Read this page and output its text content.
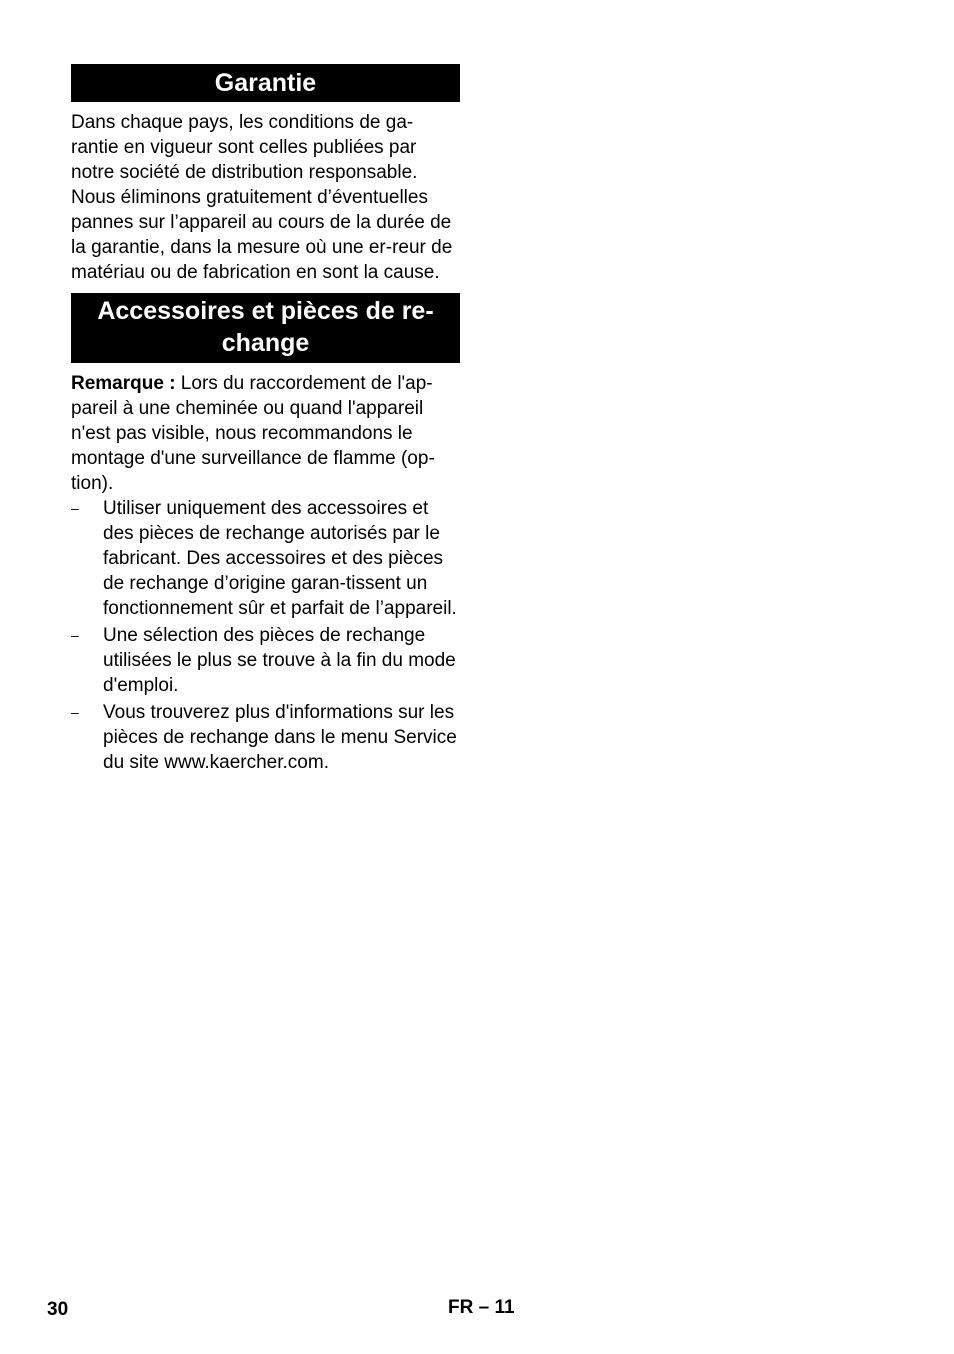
Garantie

Dans chaque pays, les conditions de ga-rantie en vigueur sont celles publiées par notre société de distribution responsable. Nous éliminons gratuitement d’éventuelles pannes sur l’appareil au cours de la durée de la garantie, dans la mesure où une er-reur de matériau ou de fabrication en sont la cause.

Accessoires et pièces de re-
change

Remarque : Lors du raccordement de l'ap-pareil à une cheminée ou quand l'appareil n'est pas visible, nous recommandons le montage d'une surveillance de flamme (op-tion).

–	Utiliser uniquement des accessoires et des pièces de rechange autorisés par le fabricant. Des accessoires et des pièces de rechange d’origine garan-tissent un fonctionnement sûr et parfait de l’appareil.
–	Une sélection des pièces de rechange utilisées le plus se trouve à la fin du mode d'emploi.
–	Vous trouverez plus d'informations sur les pièces de rechange dans le menu Service du site www.kaercher.com.
30	FR – 11
